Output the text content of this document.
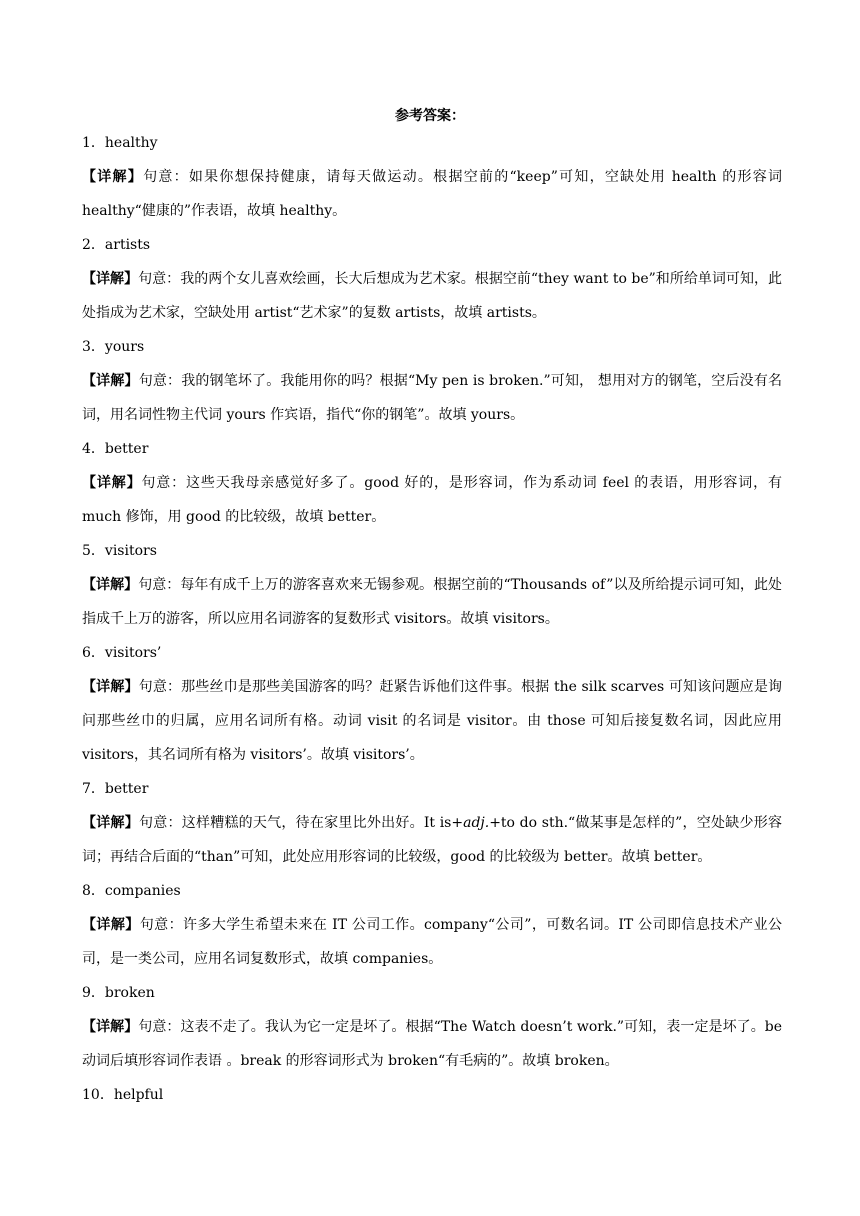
参考答案：
1．healthy
【详解】句意：如果你想保持健康，请每天做运动。根据空前的“keep”可知，空缺处用 health 的形容词 healthy“健康的”作表语，故填 healthy。
2．artists
【详解】句意：我的两个女儿喜欢绘画，长大后想成为艺术家。根据空前“they want to be”和所给单词可知，此处指成为艺术家，空缺处用 artist“艺术家”的复数 artists，故填 artists。
3．yours
【详解】句意：我的钢笔坏了。我能用你的吗？根据“My pen is broken.”可知， 想用对方的钢笔，空后没有名词，用名词性物主代词 yours 作宾语，指代“你的钢笔”。故填 yours。
4．better
【详解】句意：这些天我母亲感觉好多了。good 好的，是形容词，作为系动词 feel 的表语，用形容词，有 much 修饰，用 good 的比较级，故填 better。
5．visitors
【详解】句意：每年有成千上万的游客喜欢来无锡参观。根据空前的“Thousands of”以及所给提示词可知，此处指成千上万的游客，所以应用名词游客的复数形式 visitors。故填 visitors。
6．visitors’
【详解】句意：那些丝巾是那些美国游客的吗？赶紧告诉他们这件事。根据 the silk scarves 可知该问题应是询问那些丝巾的归属，应用名词所有格。动词 visit 的名词是 visitor。由 those 可知后接复数名词，因此应用 visitors，其名词所有格为 visitors’。故填 visitors’。
7．better
【详解】句意：这样糟糕的天气，待在家里比外出好。It is+adj.+to do sth.“做某事是怎样的”，空处缺少形容词；再结合后面的“than”可知，此处应用形容词的比较级，good 的比较级为 better。故填 better。
8．companies
【详解】句意：许多大学生希望未来在 IT 公司工作。company“公司”，可数名词。IT 公司即信息技术产业公司，是一类公司，应用名词复数形式，故填 companies。
9．broken
【详解】句意：这表不走了。我认为它一定是坏了。根据“The Watch doesn’t work.”可知，表一定是坏了。be 动词后填形容词作表语 。break 的形容词形式为 broken“有毛病的”。故填 broken。
10．helpful
